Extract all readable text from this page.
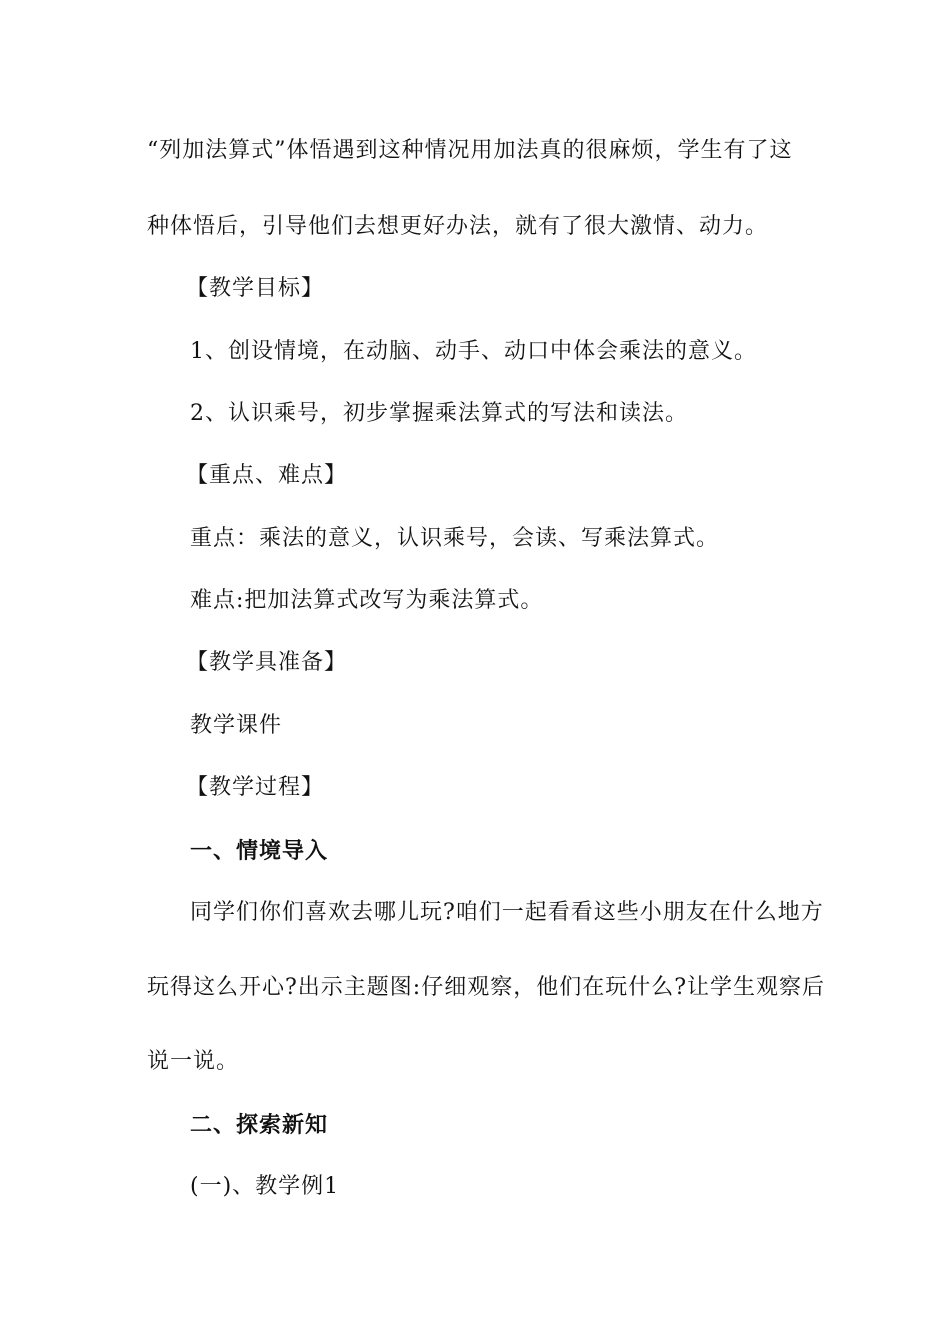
“列加法算式”体悟遇到这种情况用加法真的很麻烦，学生有了这
种体悟后，引导他们去想更好办法，就有了很大激情、动力。
【教学目标】
1、创设情境，在动脑、动手、动口中体会乘法的意义。
2、认识乘号，初步掌握乘法算式的写法和读法。
【重点、难点】
重点：乘法的意义，认识乘号，会读、写乘法算式。
难点:把加法算式改写为乘法算式。
【教学具准备】
教学课件
【教学过程】
一、情境导入
同学们你们喜欢去哪儿玩?咱们一起看看这些小朋友在什么地方
玩得这么开心?出示主题图:仔细观察，他们在玩什么?让学生观察后
说一说。
二、探索新知
(一)、教学例1
